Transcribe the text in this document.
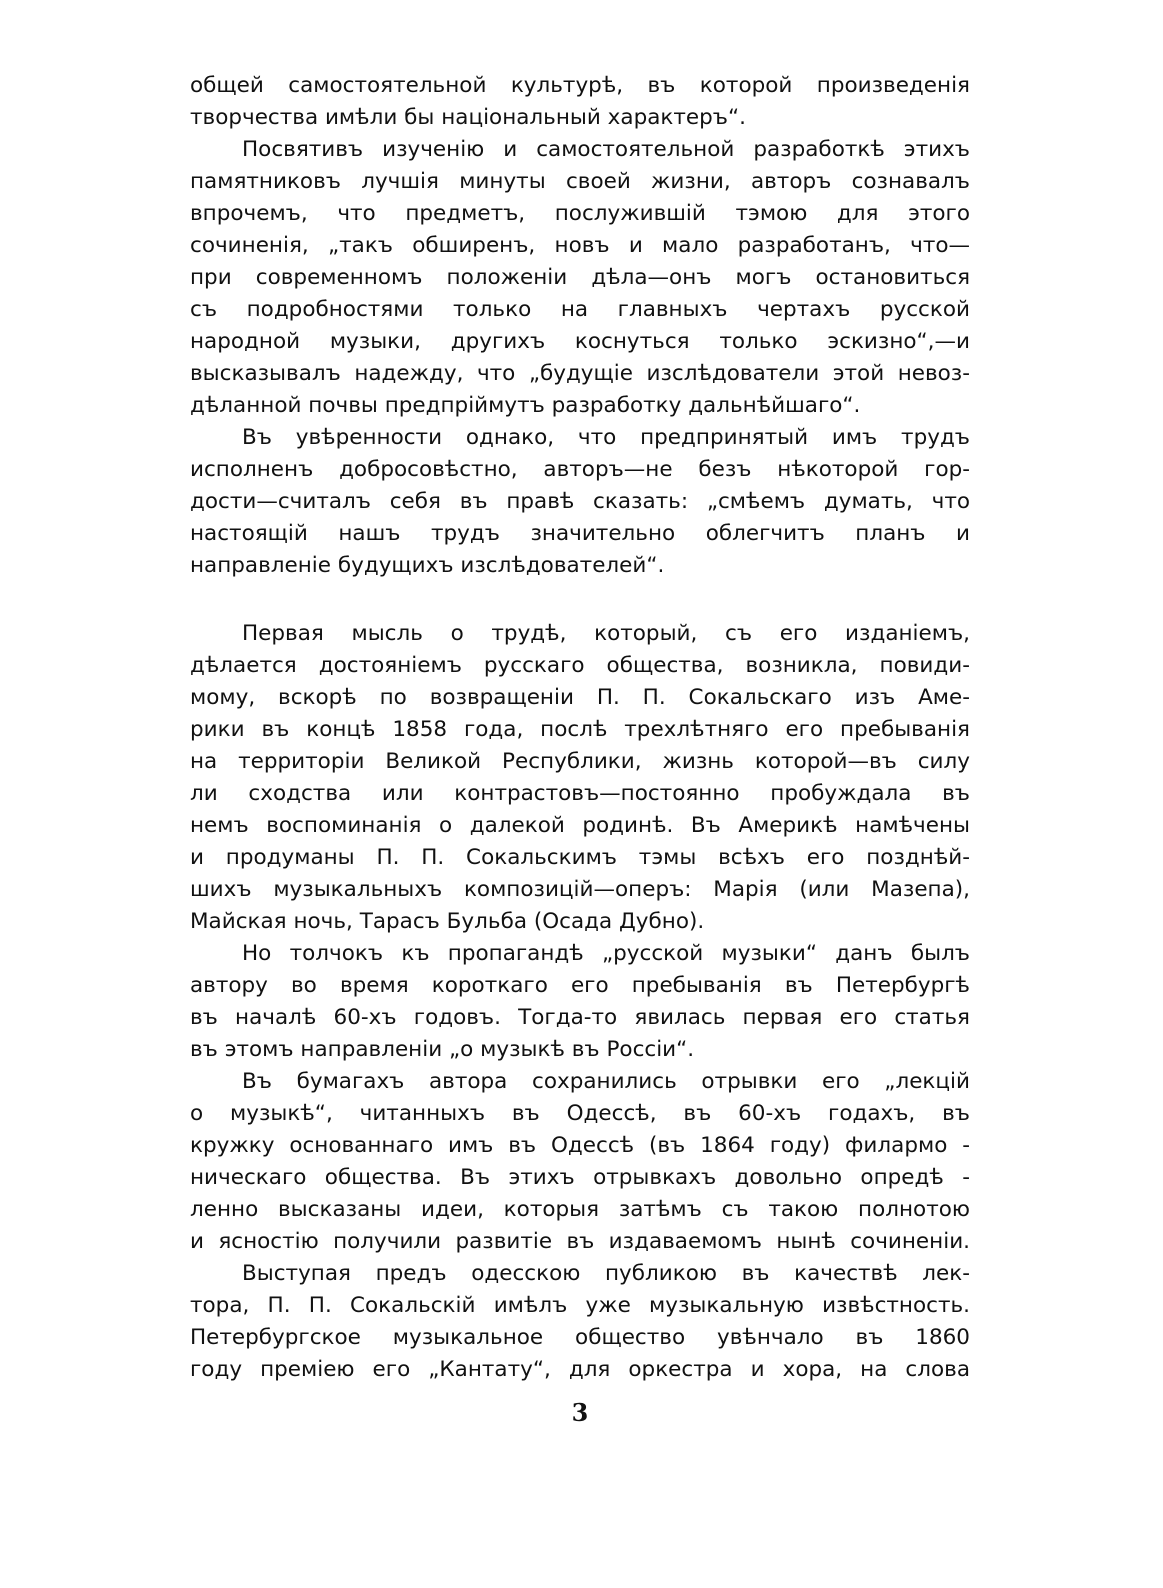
общей самостоятельной культурѣ, въ которой произведенія
творчества имѣли бы національный характеръ“.
Посвятивъ изученію и самостоятельной разработкѣ этихъ
памятниковъ лучшія минуты своей жизни, авторъ сознавалъ
впрочемъ, что предметъ, послужившій тэмою для этого
сочиненія, „такъ обширенъ, новъ и мало разработанъ, что—
при современномъ положеніи дѣла—онъ могъ остановиться
съ подробностями только на главныхъ чертахъ русской
народной музыки, другихъ коснуться только эскизно“,—и
высказывалъ надежду, что „будущіе изслѣдователи этой невоз-
дѣланной почвы предпріймутъ разработку дальнѣйшаго“.
Въ увѣренности однако, что предпринятый имъ трудъ
исполненъ добросовѣстно, авторъ—не безъ нѣкоторой гор-
дости—считалъ себя въ правѣ сказать: „смѣемъ думать, что
настоящій нашъ трудъ значительно облегчитъ планъ и
направленіе будущихъ изслѣдователей“.
Первая мысль о трудѣ, который, съ его изданіемъ,
дѣлается достояніемъ русскаго общества, возникла, повиди-
мому, вскорѣ по возвращеніи П. П. Сокальскаго изъ Аме-
рики въ концѣ 1858 года, послѣ трехлѣтняго его пребыванія
на территоріи Великой Республики, жизнь которой—въ силу
ли сходства или контрастовъ—постоянно пробуждала въ
немъ воспоминанія о далекой родинѣ. Въ Америкѣ намѣчены
и продуманы П. П. Сокальскимъ тэмы всѣхъ его позднѣй-
шихъ музыкальныхъ композицій—оперъ: Марія (или Мазепа),
Майская ночь, Тарасъ Бульба (Осада Дубно).
Но толчокъ къ пропагандѣ „русской музыки“ данъ былъ
автору во время короткаго его пребыванія въ Петербургѣ
въ началѣ 60-хъ годовъ. Тогда-то явилась первая его статья
въ этомъ направленіи „о музыкѣ въ Россіи“.
Въ бумагахъ автора сохранились отрывки его „лекцій
о музыкѣ“, читанныхъ въ Одессѣ, въ 60-хъ годахъ, въ
кружку основаннаго имъ въ Одессѣ (въ 1864 году) филармо -
ническаго общества. Въ этихъ отрывкахъ довольно опредѣ -
ленно высказаны идеи, которыя затѣмъ съ такою полнотою
и ясностію получили развитіе въ издаваемомъ нынѣ сочиненіи.
Выступая предъ одесскою публикою въ качествѣ лек-
тора, П. П. Сокальскій имѣлъ уже музыкальную извѣстность.
Петербургское музыкальное общество увѣнчало въ 1860
году преміею его „Кантату“, для оркестра и хора, на слова
3
